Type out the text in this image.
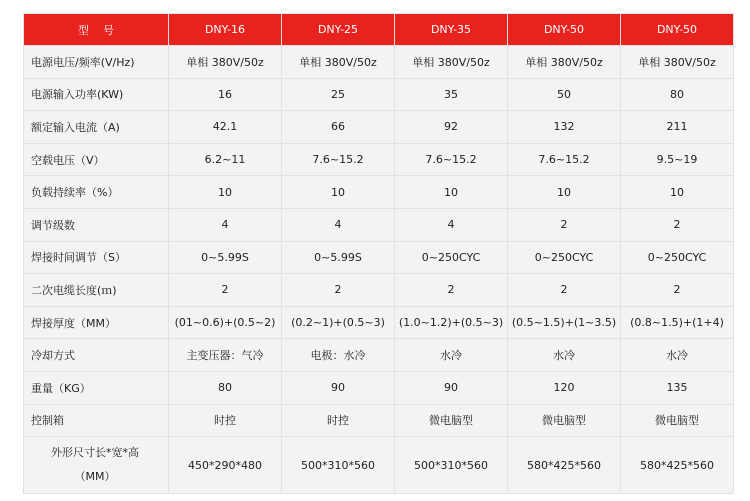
型号	DNY-16	DNY-25	DNY-35	DNY-50	DNY-50
电源电压/频率(V/Hz)	单相 380V/50z	单相 380V/50z	单相 380V/50z	单相 380V/50z	单相 380V/50z
电源输入功率(KW)	16	25	35	50	80
额定输入电流（A)	42.1	66	92	132	211
空载电压（V）	6.2~11	7.6~15.2	7.6~15.2	7.6~15.2	9.5~19
负载持续率（%）	10	10	10	10	10
调节级数	4	4	4	2	2
焊接时间调节（S）	0~5.99S	0~5.99S	0~250CYC	0~250CYC	0~250CYC
二次电缆长度(ｍ)	2	2	2	2	2
焊接厚度（MM）	(01~0.6)+(0.5~2)	(0.2~1)+(0.5~3)	(1.0~1.2)+(0.5~3)	(0.5~1.5)+(1~3.5)	(0.8~1.5)+(1+4)
冷却方式	主变压器：气冷	电极：水冷	水冷	水冷	水冷
重量（KG）	80	90	90	120	135
控制箱	时控	时控	微电脑型	微电脑型	微电脑型
外形尺寸长*宽*高
（MM）	450*290*480	500*310*560	500*310*560	580*425*560	580*425*560
